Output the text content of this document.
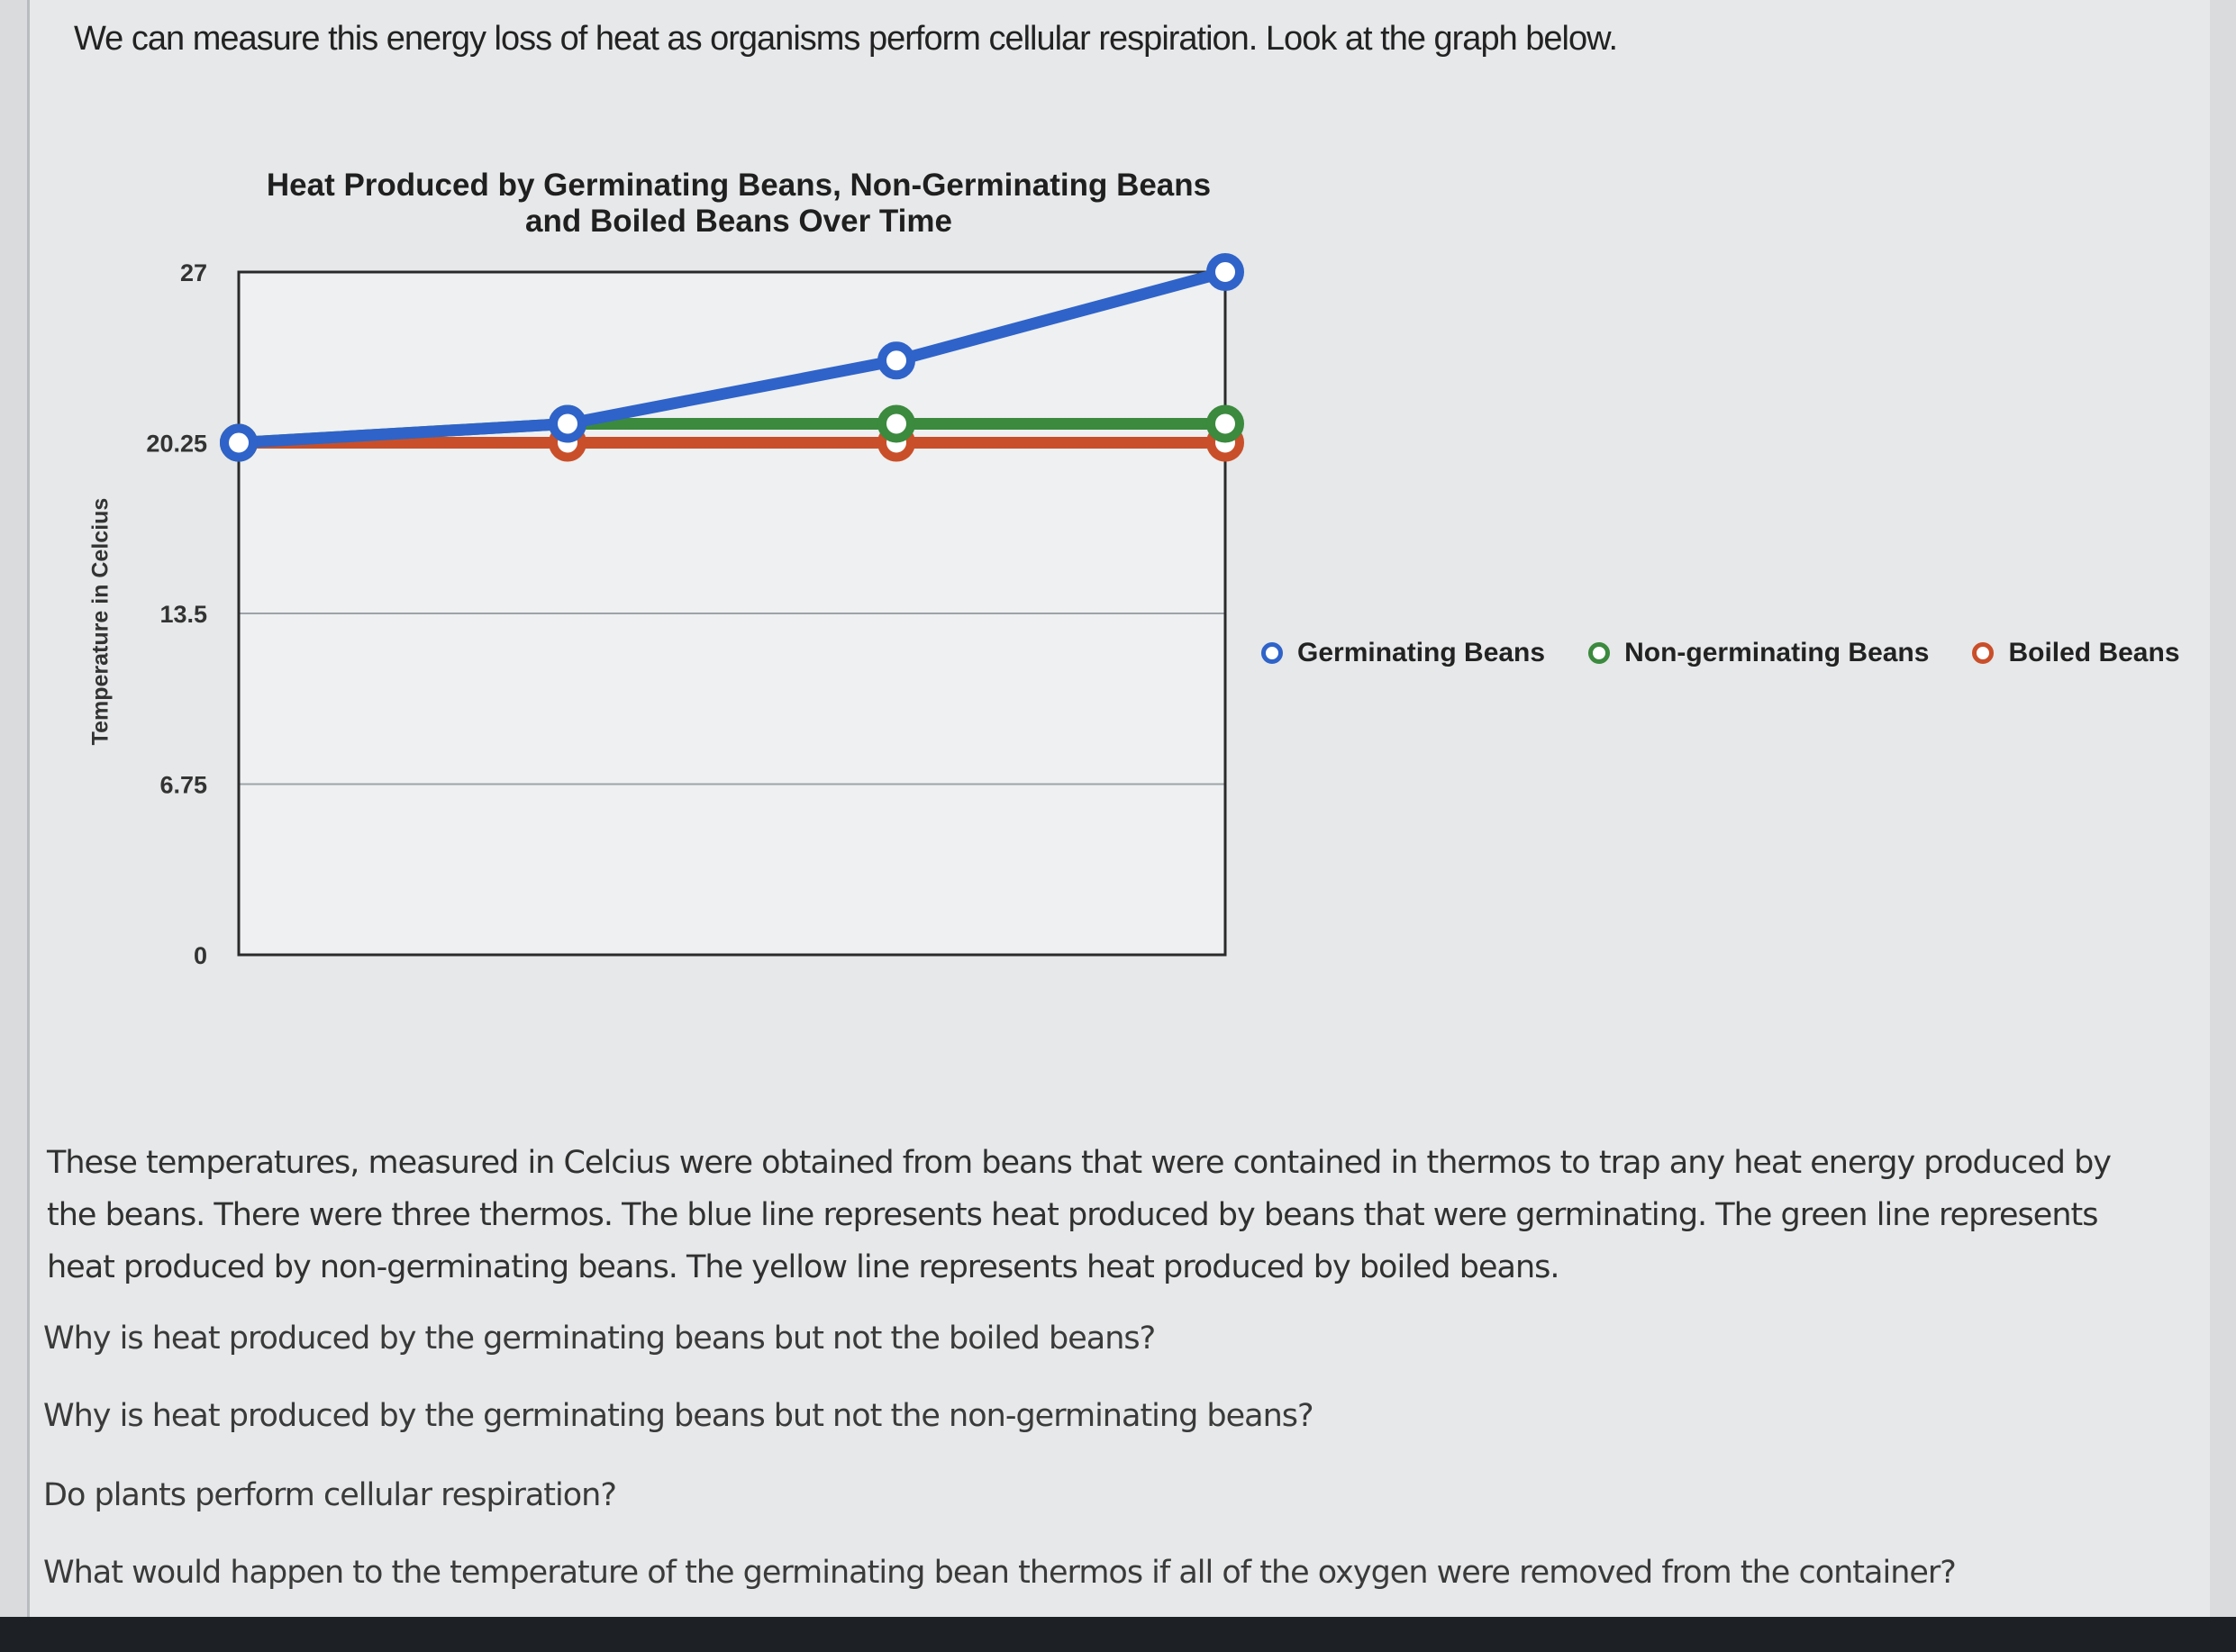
We can measure this energy loss of heat as organisms perform cellular respiration. Look at the graph below.
Heat Produced by Germinating Beans, Non-Germinating Beans
and Boiled Beans Over Time
Temperature in Celcius
0
6.75
13.5
20.25
27
Germinating Beans	Non-germinating Beans	Boiled Beans
These temperatures, measured in Celcius were obtained from beans that were contained in thermos to trap any heat energy produced by the beans. There were three thermos. The blue line represents heat produced by beans that were germinating. The green line represents heat produced by non-germinating beans. The yellow line represents heat produced by boiled beans.
Why is heat produced by the germinating beans but not the boiled beans?
Why is heat produced by the germinating beans but not the non-germinating beans?
Do plants perform cellular respiration?
What would happen to the temperature of the germinating bean thermos if all of the oxygen were removed from the container?
